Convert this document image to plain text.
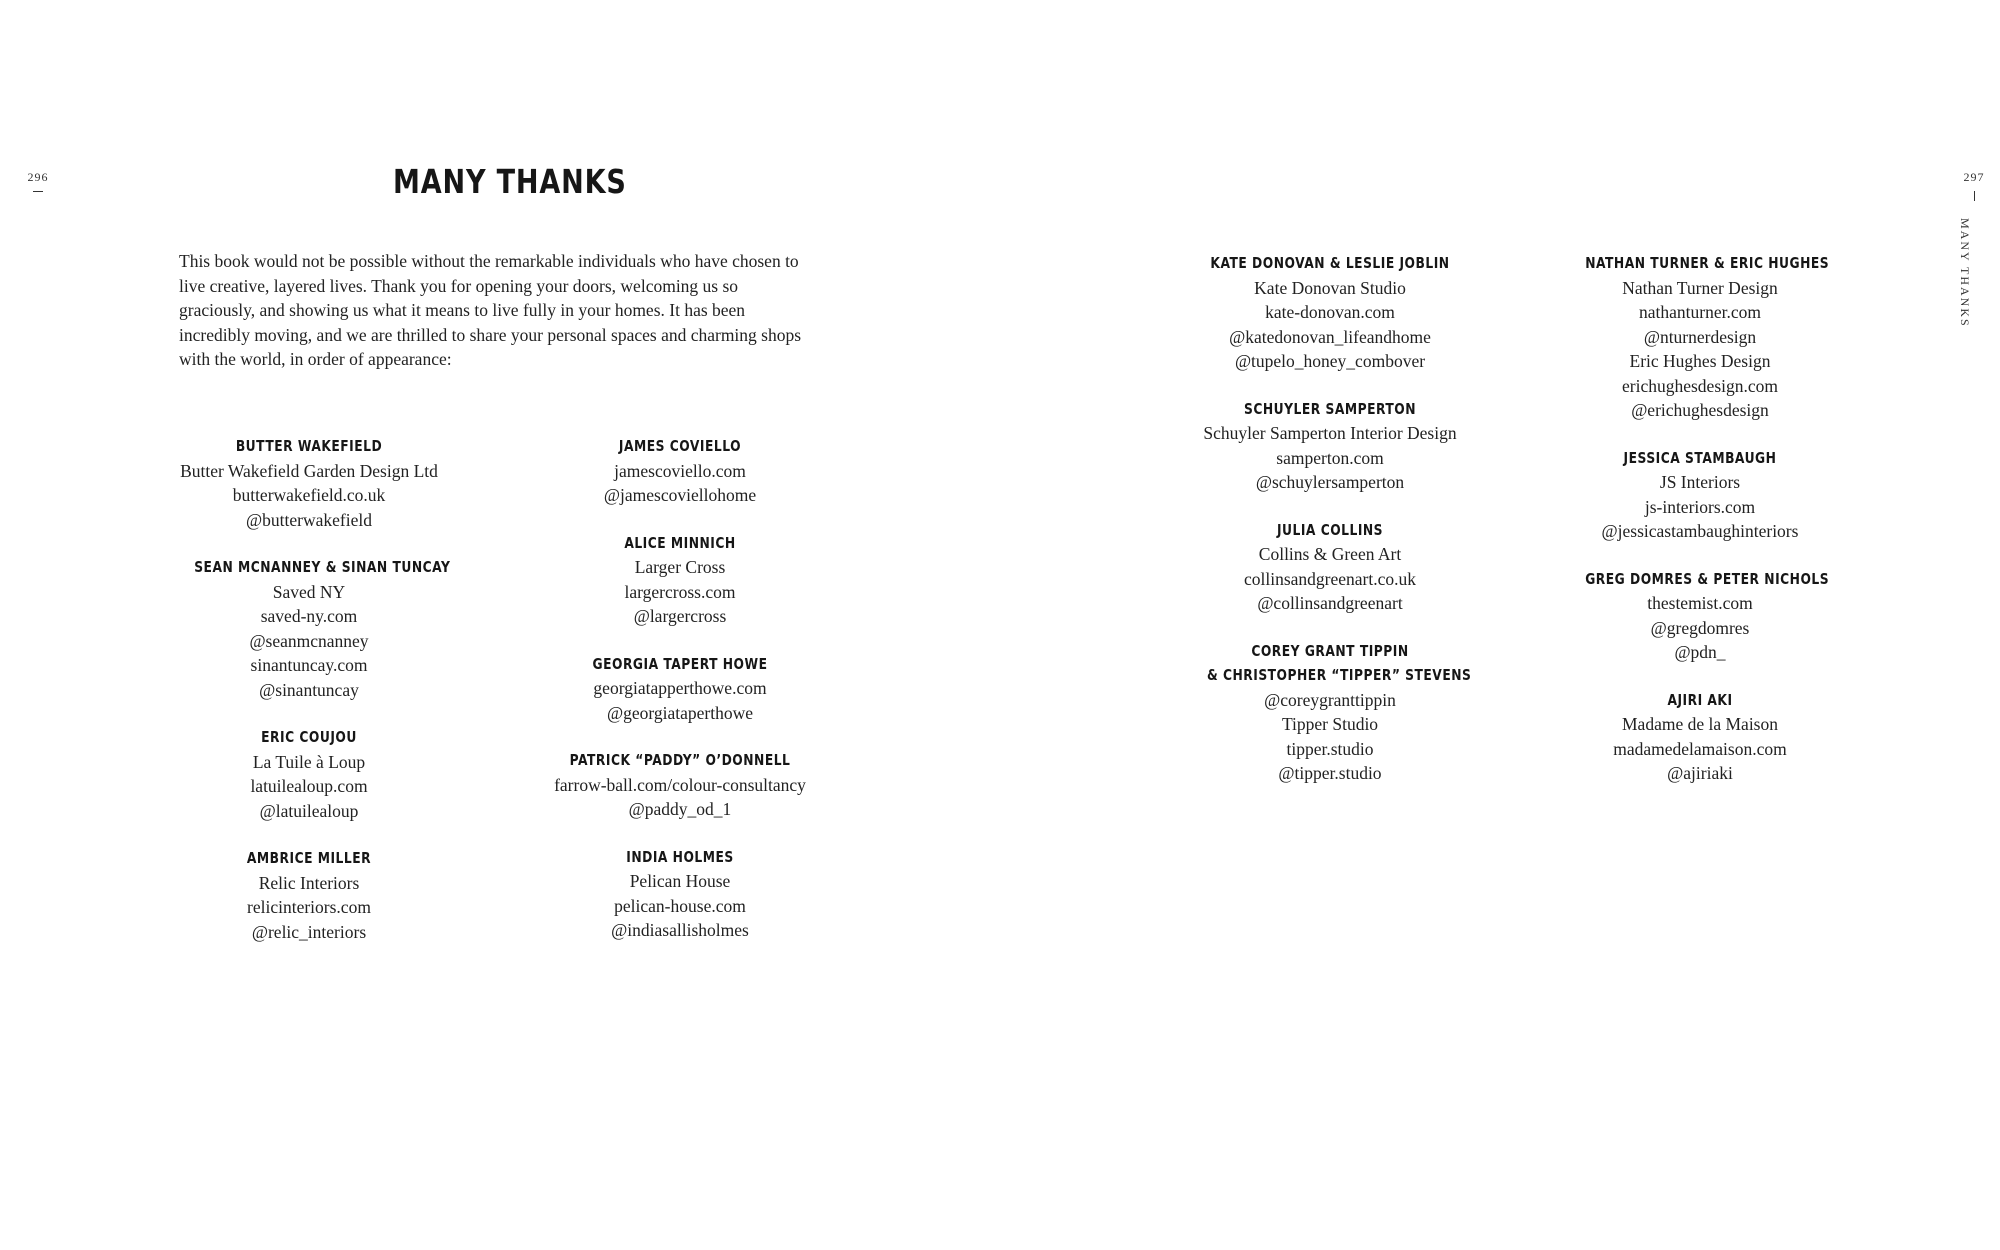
296	297
MANY THANKS
MANY THANKS

This book would not be possible without the remarkable individuals who have chosen to live creative, layered lives. Thank you for opening your doors, welcoming us so graciously, and showing us what it means to live fully in your homes. It has been incredibly moving, and we are thrilled to share your personal spaces and charming shops with the world, in order of appearance:

BUTTER WAKEFIELD
Butter Wakefield Garden Design Ltd
butterwakefield.co.uk
@butterwakefield
SEAN MCNANNEY & SINAN TUNCAY
Saved NY
saved-ny.com
@seanmcnanney
sinantuncay.com
@sinantuncay
ERIC COUJOU
La Tuile à Loup
latuilealoup.com
@latuilealoup
AMBRICE MILLER
Relic Interiors
relicinteriors.com
@relic_interiors
JAMES COVIELLO
jamescoviello.com
@jamescoviellohome
ALICE MINNICH
Larger Cross
largercross.com
@largercross
GEORGIA TAPERT HOWE
georgiatapperthowe.com
@georgiataperthowe
PATRICK “PADDY” O’DONNELL
farrow-ball.com/colour-consultancy
@paddy_od_1
INDIA HOLMES
Pelican House
pelican-house.com
@indiasallisholmes
KATE DONOVAN & LESLIE JOBLIN
Kate Donovan Studio
kate-donovan.com
@katedonovan_lifeandhome
@tupelo_honey_combover
SCHUYLER SAMPERTON
Schuyler Samperton Interior Design
samperton.com
@schuylersamperton
JULIA COLLINS
Collins & Green Art
collinsandgreenart.co.uk
@collinsandgreenart
COREY GRANT TIPPIN
& CHRISTOPHER “TIPPER” STEVENS
@coreygranttippin
Tipper Studio
tipper.studio
@tipper.studio
NATHAN TURNER & ERIC HUGHES
Nathan Turner Design
nathanturner.com
@nturnerdesign
Eric Hughes Design
erichughesdesign.com
@erichughesdesign
JESSICA STAMBAUGH
JS Interiors
js-interiors.com
@jessicastambaughinteriors
GREG DOMRES & PETER NICHOLS
thestemist.com
@gregdomres
@pdn_
AJIRI AKI
Madame de la Maison
madamedelamaison.com
@ajiriaki
